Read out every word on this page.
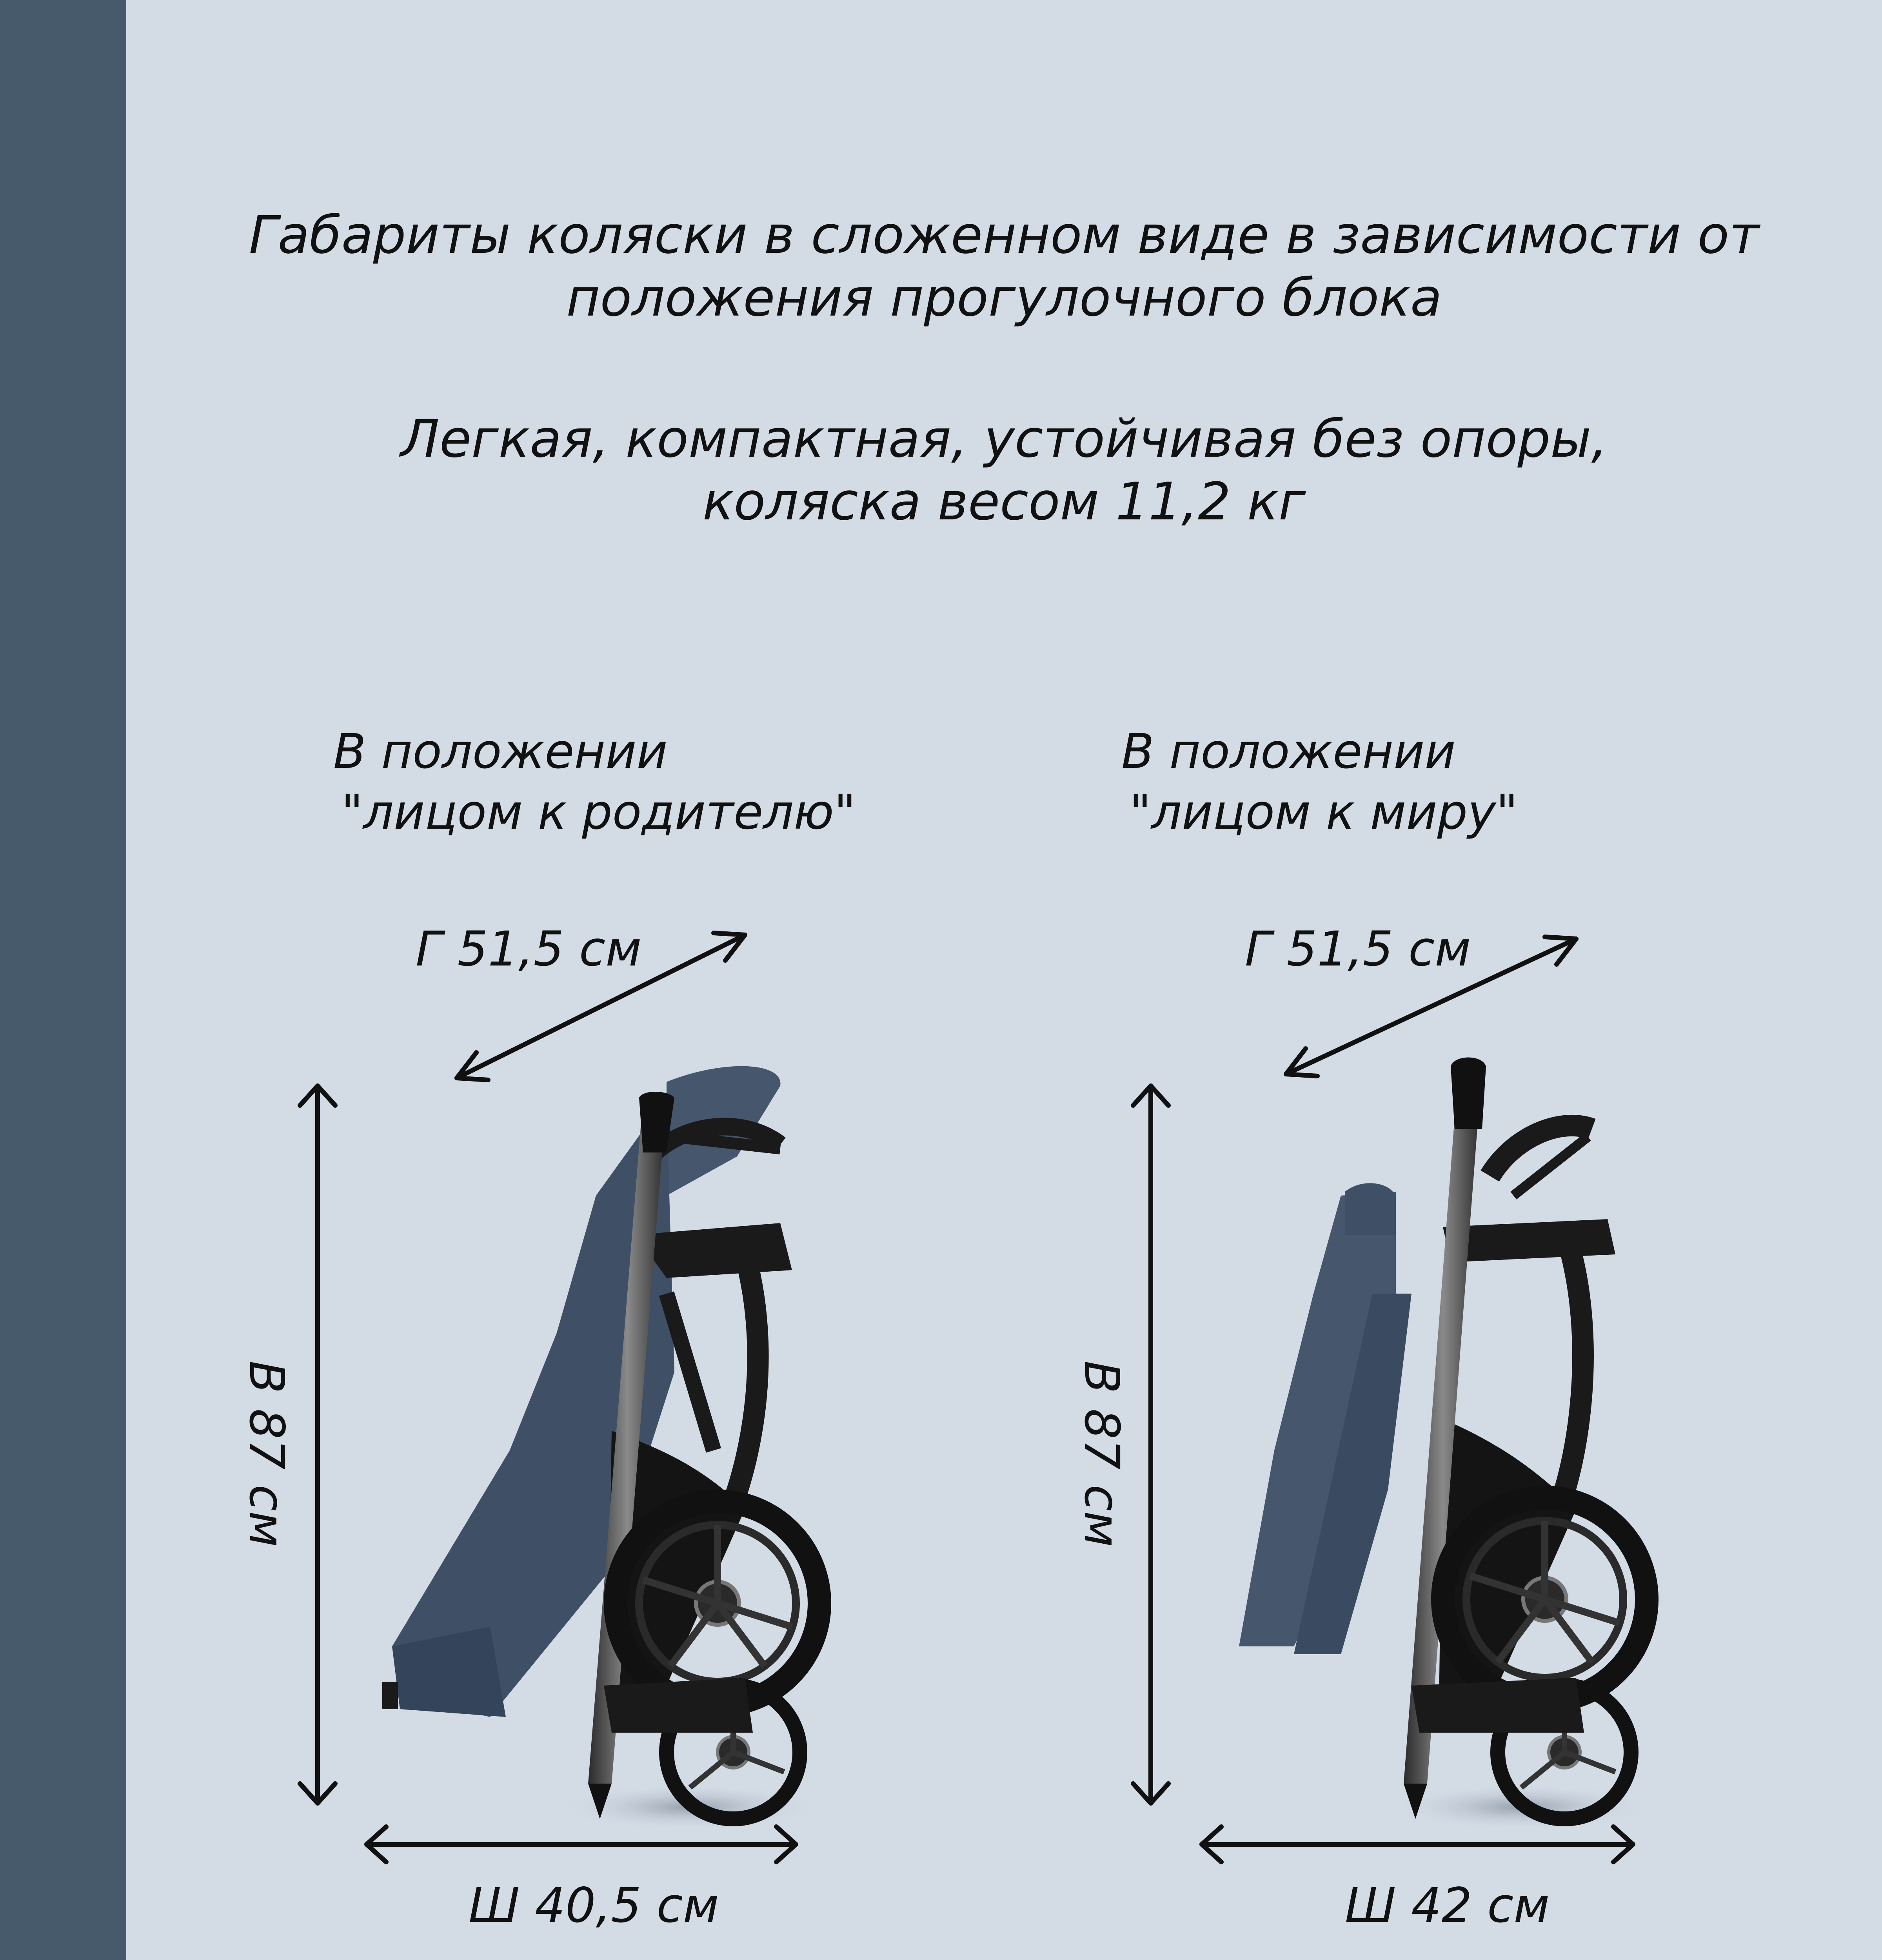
Габариты коляски в сложенном виде в зависимости от
положения прогулочного блока
Легкая, компактная, устойчивая без опоры,
коляска весом 11,2 кг
В положении
"лицом к родителю"
В положении
"лицом к миру"
Г 51,5 см
В 87 см
Ш 40,5 см
Г 51,5 см
В 87 см
Ш 42 см
